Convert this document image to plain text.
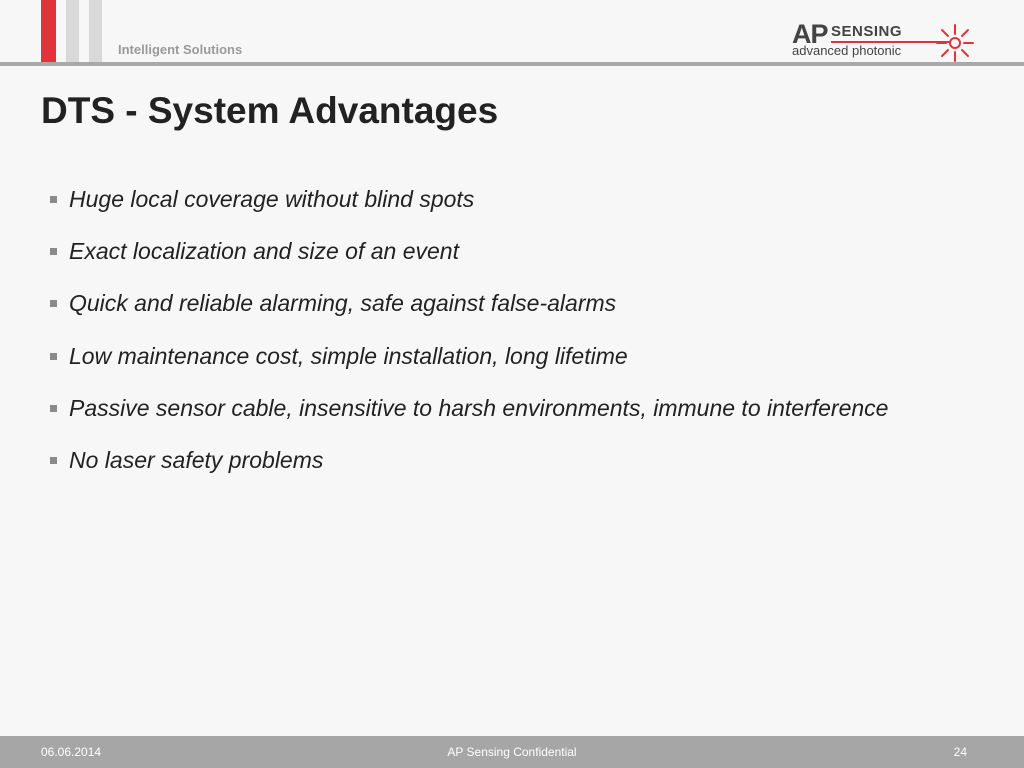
Intelligent Solutions
AP SENSING
advanced photonic
DTS - System Advantages
Huge local coverage without blind spots
Exact localization and size of an event
Quick and reliable alarming, safe against false-alarms
Low maintenance cost, simple installation, long lifetime
Passive sensor cable, insensitive to harsh environments, immune to interference
No laser safety problems
06.06.2014	AP Sensing Confidential	24
